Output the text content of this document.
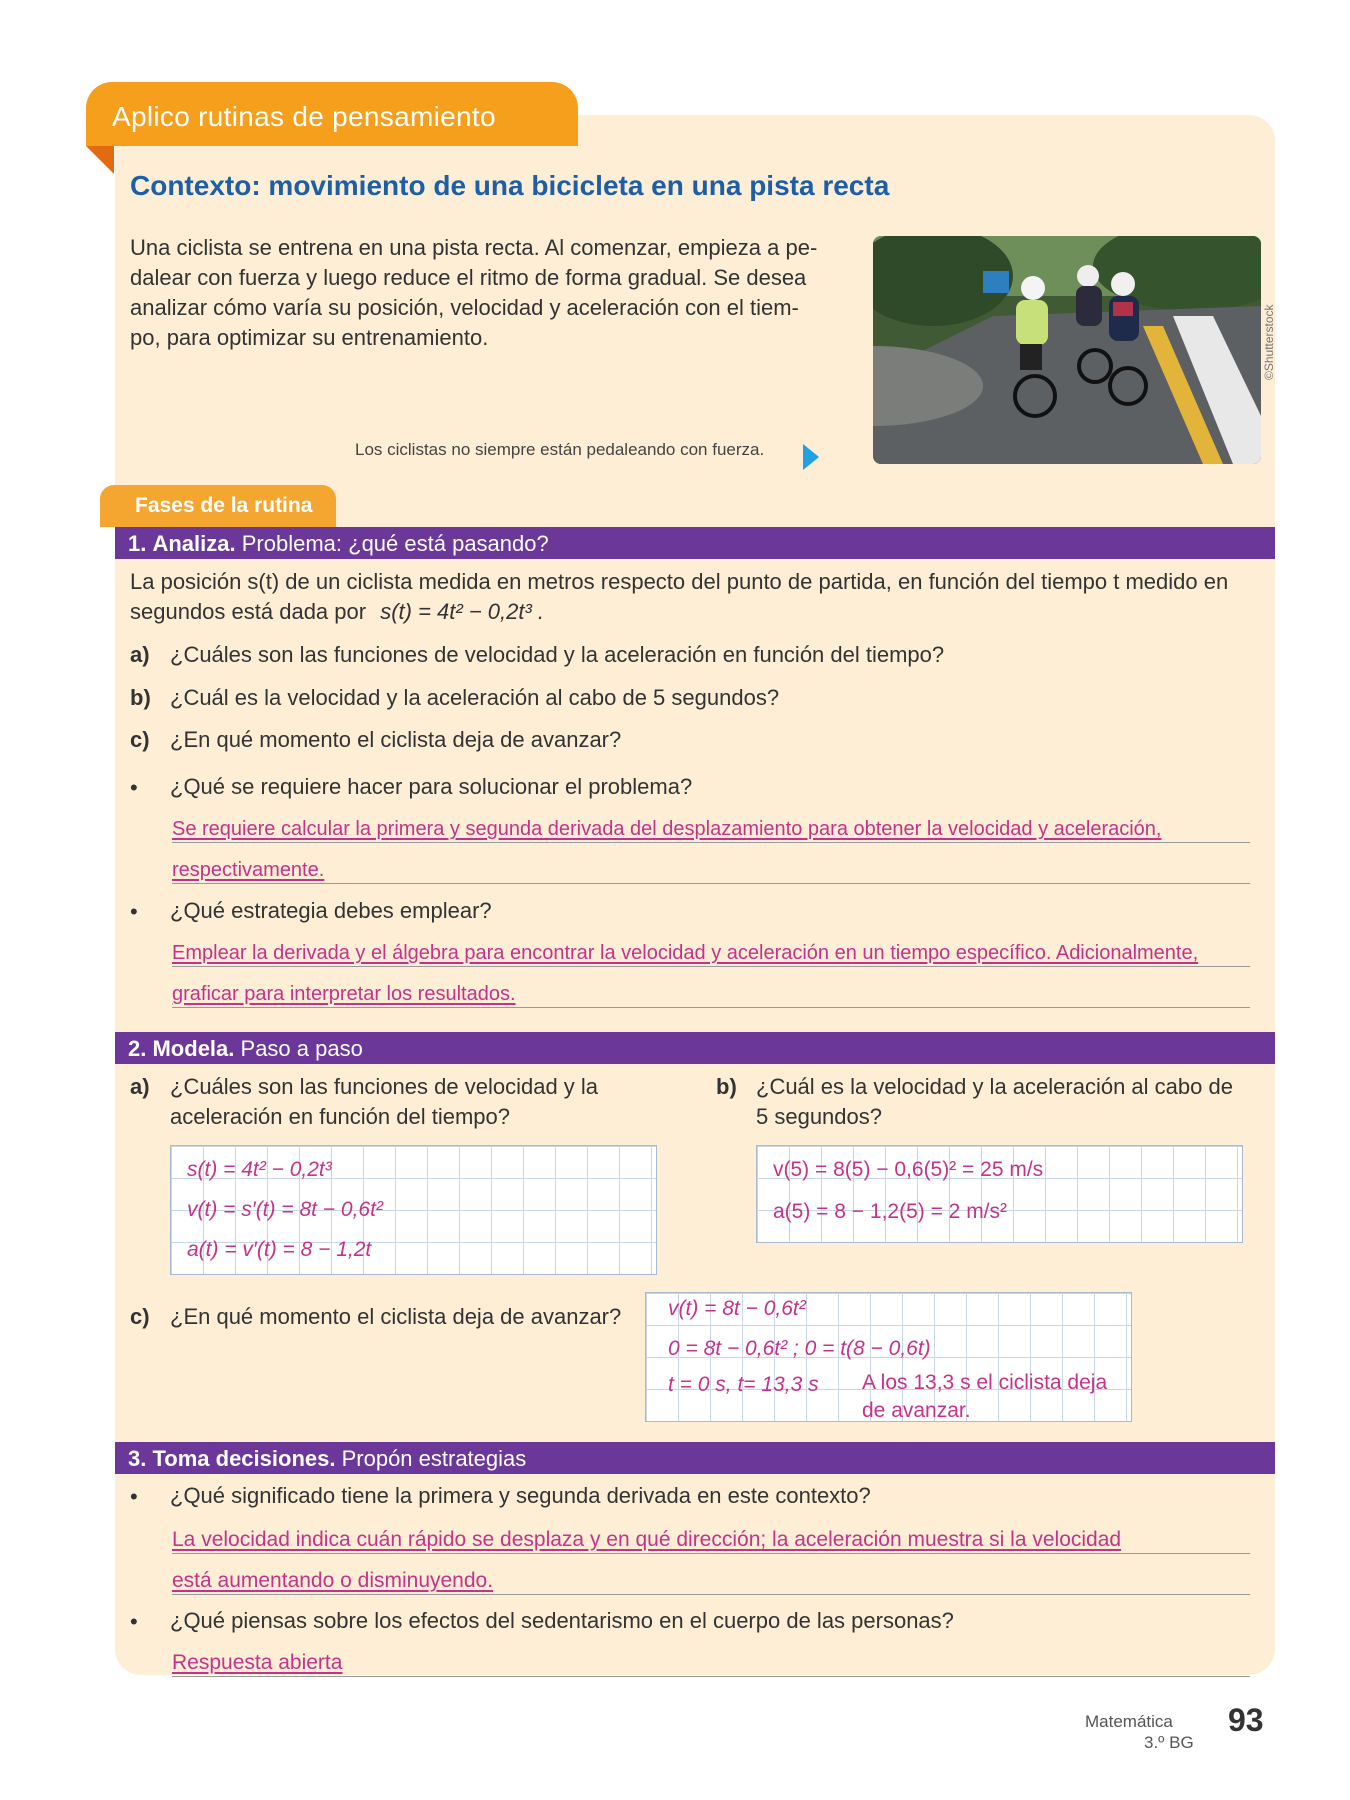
Aplico rutinas de pensamiento
Contexto: movimiento de una bicicleta en una pista recta
Una ciclista se entrena en una pista recta. Al comenzar, empieza a pe-
dalear con fuerza y luego reduce el ritmo de forma gradual. Se desea
analizar cómo varía su posición, velocidad y aceleración con el tiem-
po, para optimizar su entrenamiento.	©Shutterstock
Los ciclistas no siempre están pedaleando con fuerza.
Fases de la rutina
1. Analiza. Problema: ¿qué está pasando?
La posición s(t) de un ciclista medida en metros respecto del punto de partida, en función del tiempo t medido en
segundos está dada por s(t) = 4t² − 0,2t³ .
a) ¿Cuáles son las funciones de velocidad y la aceleración en función del tiempo?
b) ¿Cuál es la velocidad y la aceleración al cabo de 5 segundos?
c) ¿En qué momento el ciclista deja de avanzar?
• ¿Qué se requiere hacer para solucionar el problema?
Se requiere calcular la primera y segunda derivada del desplazamiento para obtener la velocidad y aceleración,
respectivamente.
• ¿Qué estrategia debes emplear?
Emplear la derivada y el álgebra para encontrar la velocidad y aceleración en un tiempo específico. Adicionalmente,
graficar para interpretar los resultados.
2. Modela. Paso a paso
a) ¿Cuáles son las funciones de velocidad y la
aceleración en función del tiempo?
b) ¿Cuál es la velocidad y la aceleración al cabo de
5 segundos?
s(t) = 4t² − 0,2t³
v(t) = s′(t) = 8t − 0,6t²
a(t) = v′(t) = 8 − 1,2t
v(5) = 8(5) − 0,6(5)² = 25 m/s
a(5) = 8 − 1,2(5) = 2 m/s²
c) ¿En qué momento el ciclista deja de avanzar? v(t) = 8t − 0,6t²
0 = 8t − 0,6t² ; 0 = t(8 − 0,6t)
t = 0 s, t= 13,3 s A los 13,3 s el ciclista deja
de avanzar.
3. Toma decisiones. Propón estrategias
• ¿Qué significado tiene la primera y segunda derivada en este contexto?
La velocidad indica cuán rápido se desplaza y en qué dirección; la aceleración muestra si la velocidad
está aumentando o disminuyendo.
• ¿Qué piensas sobre los efectos del sedentarismo en el cuerpo de las personas?
Respuesta abierta
Matemática
3.º BG
93
